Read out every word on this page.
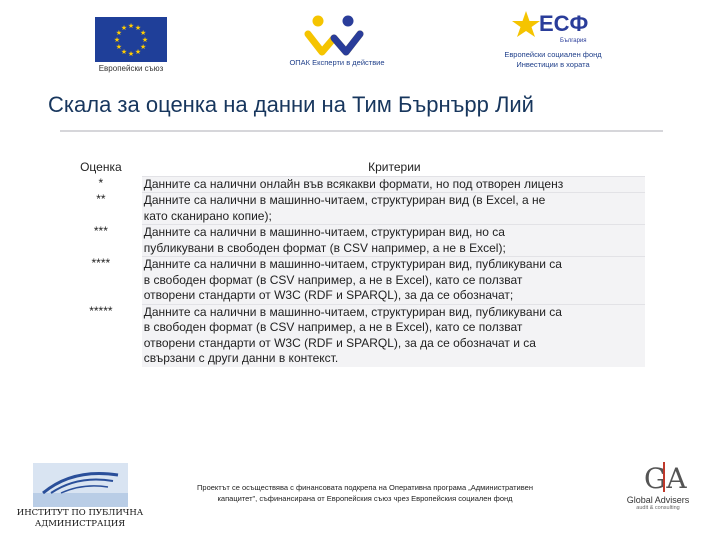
★
★
★
★
★
★
★
★
★ ★ ★
★
Европейски съюз
ОПАК Експерти в действие
ЕСФ
България
Европейски социален фонд
Инвестиции в хората
Скала за оценка на данни на Тим Бърнърр Лий
Оценка	Критерии
*	Данните са налични онлайн във всякакви формати, но под отворен лиценз
**	Данните са налични в машинно-читаем, структуриран вид (в Excel, а не
като сканирано копие);
***	Данните са налични в машинно-читаем, структуриран вид, но са
публикувани в свободен формат (в CSV например, а не в Excel);
****	Данните са налични в машинно-читаем, структуриран вид, публикувани са
в свободен формат (в CSV например, а не в Excel), като се ползват
отворени стандарти от W3C (RDF и SPARQL), за да се обозначат;
*****	Данните са налични в машинно-читаем, структуриран вид, публикувани са
в свободен формат (в CSV например, а не в Excel), като се ползват
отворени стандарти от W3C (RDF и SPARQL), за да се обозначат и са
свързани с други данни в контекст.
ИНСТИТУТ ПО ПУБЛИЧНА
АДМИНИСТРАЦИЯ
Проектът се осъществява с финансовата подкрепа на Оперативна програма „Административен
капацитет", съфинансирана от Европейския съюз чрез Европейския социален фонд
GA
Global Advisers
audit & consulting
